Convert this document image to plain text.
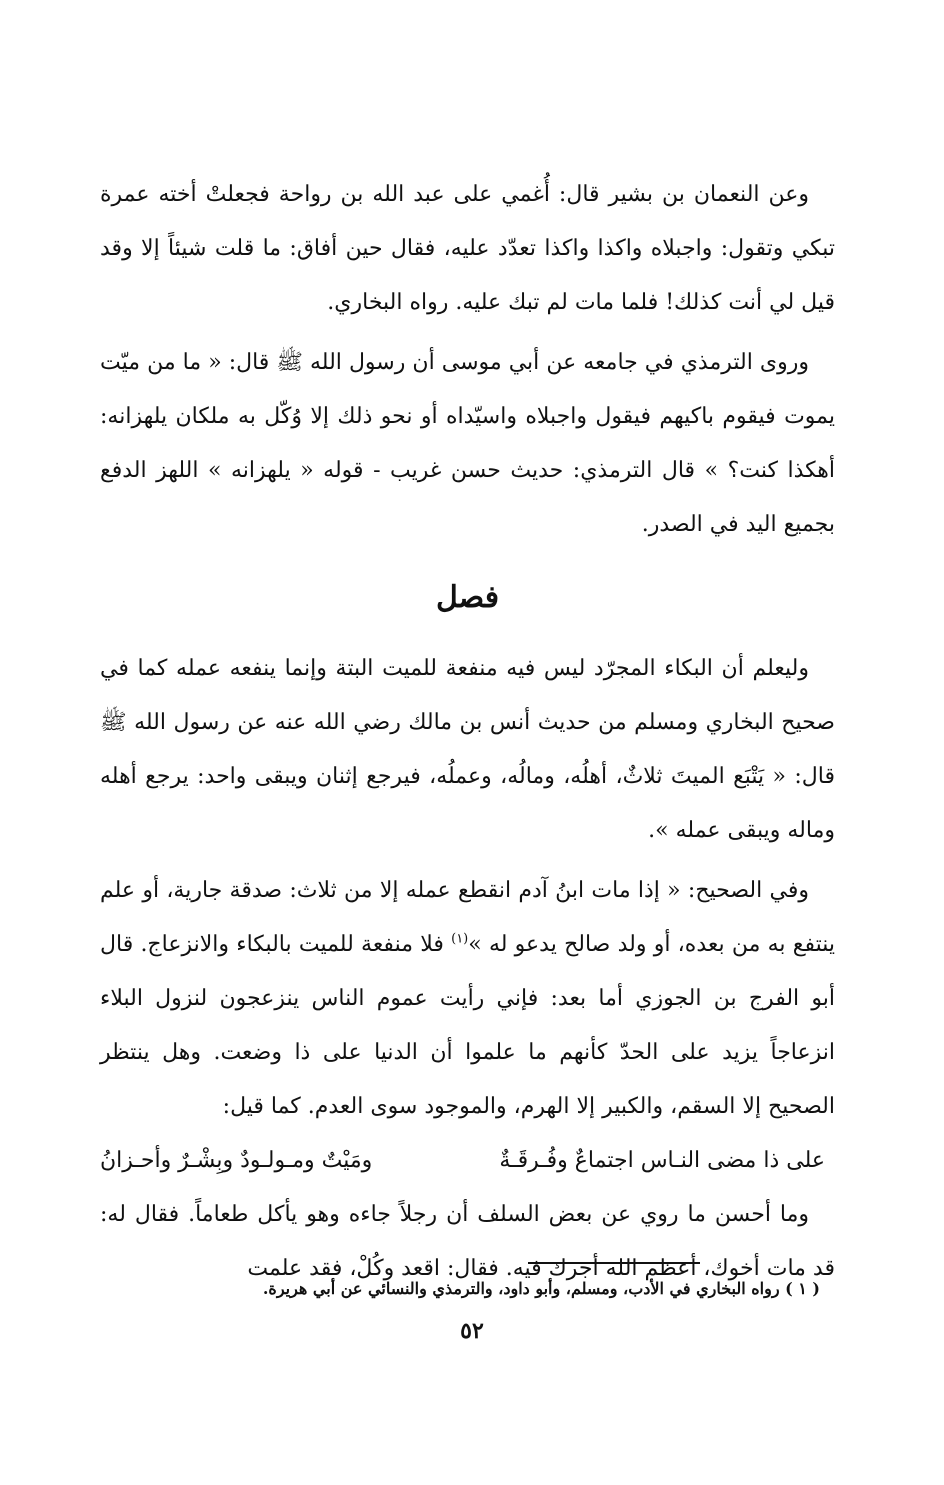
وعن النعمان بن بشير قال: أُغمي على عبد الله بن رواحة فجعلتْ أخته عمرة تبكي وتقول: واجبلاه واكذا واكذا تعدّد عليه، فقال حين أفاق: ما قلت شيئاً إلا وقد قيل لي أنت كذلك! فلما مات لم تبك عليه. رواه البخاري.

وروى الترمذي في جامعه عن أبي موسى أن رسول الله ﷺ قال: « ما من ميّت يموت فيقوم باكيهم فيقول واجبلاه واسيّداه أو نحو ذلك إلا وُكّل به ملكان يلهزانه: أهكذا كنت؟ » قال الترمذي: حديث حسن غريب - قوله « يلهزانه » اللهز الدفع بجميع اليد في الصدر.

فصل

وليعلم أن البكاء المجرّد ليس فيه منفعة للميت البتة وإنما ينفعه عمله كما في صحيح البخاري ومسلم من حديث أنس بن مالك رضي الله عنه عن رسول الله ﷺ قال: « يَتْبَع الميتَ ثلاثٌ، أهلُه، ومالُه، وعملُه، فيرجع إثنان ويبقى واحد: يرجع أهله وماله ويبقى عمله ».

وفي الصحيح: « إذا مات ابنُ آدم انقطع عمله إلا من ثلاث: صدقة جارية، أو علم ينتفع به من بعده، أو ولد صالح يدعو له »$^{(١)}$ فلا منفعة للميت بالبكاء والانزعاج. قال أبو الفرج بن الجوزي أما بعد: فإني رأيت عموم الناس ينزعجون لنزول البلاء انزعاجاً يزيد على الحدّ كأنهم ما علموا أن الدنيا على ذا وضعت. وهل ينتظر الصحيح إلا السقم، والكبير إلا الهرم، والموجود سوى العدم. كما قيل:

على ذا مضى النـاس اجتماعٌ وفُـرقَـةٌ
ومَيْتٌ ومـولـودٌ وبِشْـرٌ وأحـزانُ

وما أحسن ما روي عن بعض السلف أن رجلاً جاءه وهو يأكل طعاماً. فقال له: قد مات أخوك، أعظم الله أجرك فيه. فقال: اقعد وكُلْ، فقد علمت

( ١ ) رواه البخاري في الأدب، ومسلم، وأبو داود، والترمذي والنسائي عن أبي هريرة.
٥٢
